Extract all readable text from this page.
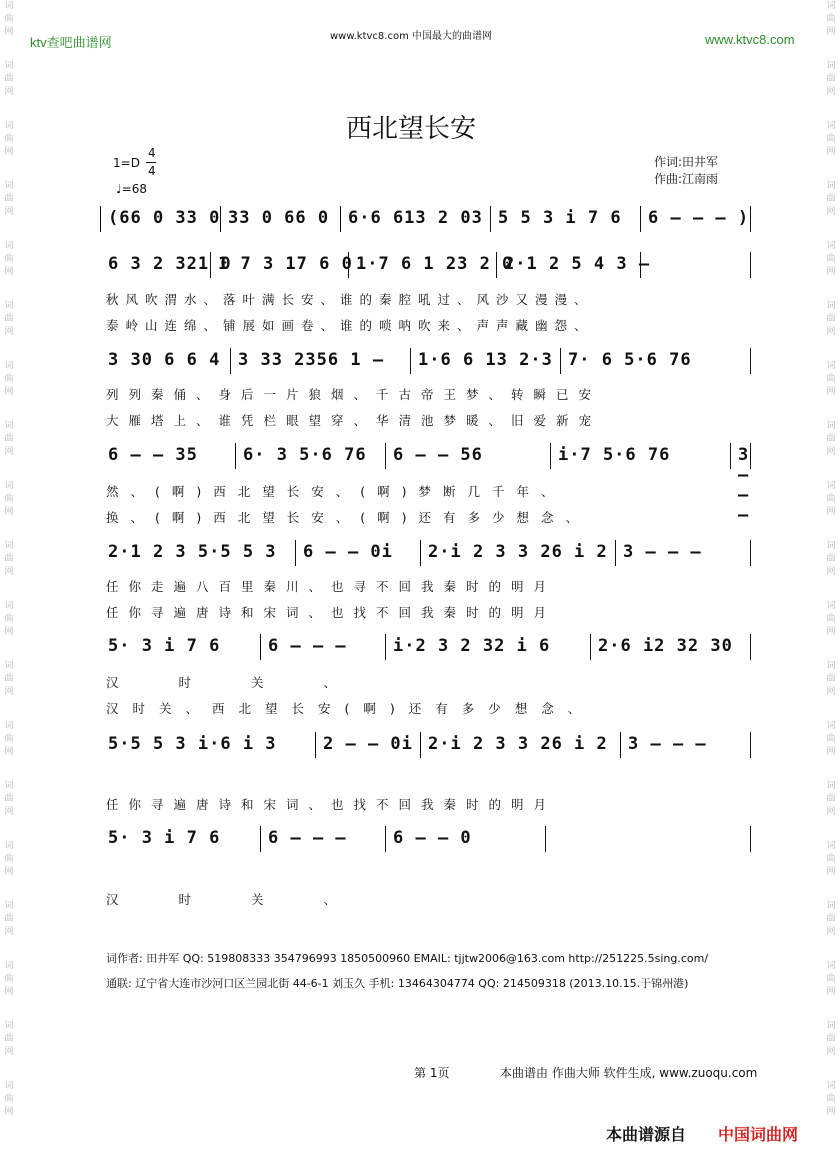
词
曲
网
词
曲
网
词
曲
网
词
曲
网
词
曲
网
词
曲
网
词
曲
网
词
曲
网
词
曲
网
词
曲
网
词
曲
网
词
曲
网
词
曲
网
词
曲
网
词
曲
网
词
曲
网
词
曲
网
词
曲
网
词
曲
网
词
曲
网
词
曲
网
词
曲
网
词
曲
网
词
曲
网
词
曲
网
词
曲
网
词
曲
网
词
曲
网
词
曲
网
词
曲
网
词
曲
网
词
曲
网
词
曲
网
词
曲
网
词
曲
网
词
曲
网
词
曲
网
词
曲
网
ktv查吧曲谱网	www.ktvc8.com 中国最大的曲谱网	www.ktvc8.com
西北望长安
1=D
4
4
♩=68
作词:田井军
作曲:江南雨
(66 0 33 0 33 0 66 0 6·6 613 2 03 5 5 3 i 7 6 6 – – – )
6 3 2 321 0
1 7 3 17 6 0 1·7 6 1 23 2 0
2·1 2 5 4 3 –
3 30 6 6 4 3 33 2356 1 – 1·6 6 13 2·3 7· 6 5·6 76
6 – – 35	6· 3 5·6 76 6 – – 56	i·7 5·6 76	3 – – –
2·1 2 3 5·5 5 3 6 – – 0i 2·i 2 3 3 26 i 2 3 – – –
5· 3 i 7 6	6 – – –	i·2 3 2 32 i 6	2·6 i2 32 30
5·5 5 3 i·6 i 3	2 – – 0i 2·i 2 3 3 26 i 2 3 – – –
5· 3 i 7 6	6 – – –	6 – – 0
秋风吹渭水、落叶满长安、谁的秦腔吼过、风沙又漫漫、
泰岭山连绵、铺展如画卷、谁的唢呐吹来、声声藏幽怨、
列列秦俑、身后一片狼烟、千古帝王梦、转瞬已安
大雁塔上、谁凭栏眼望穿、华清池梦暖、旧爱新宠
然、(啊)西北望长安、(啊)梦断几千年、
换、(啊)西北望长安、(啊)还有多少想念、
任你走遍八百里秦川、也寻不回我秦时的明月
任你寻遍唐诗和宋词、也找不回我秦时的明月
汉时关、
汉时关、西北望长安(啊)还有多少想念、
任你寻遍唐诗和宋词、也找不回我秦时的明月
汉时关、
词作者: 田井军 QQ: 519808333 354796993 1850500960 EMAIL: tjjtw2006@163.com http://251225.5sing.com/
通联: 辽宁省大连市沙河口区兰园北街 44-6-1 刘玉久 手机: 13464304774 QQ: 214509318 (2013.10.15.于锦州港)
第 1页	本曲谱由 作曲大师 软件生成, www.zuoqu.com
本曲谱源自 中国词曲网
